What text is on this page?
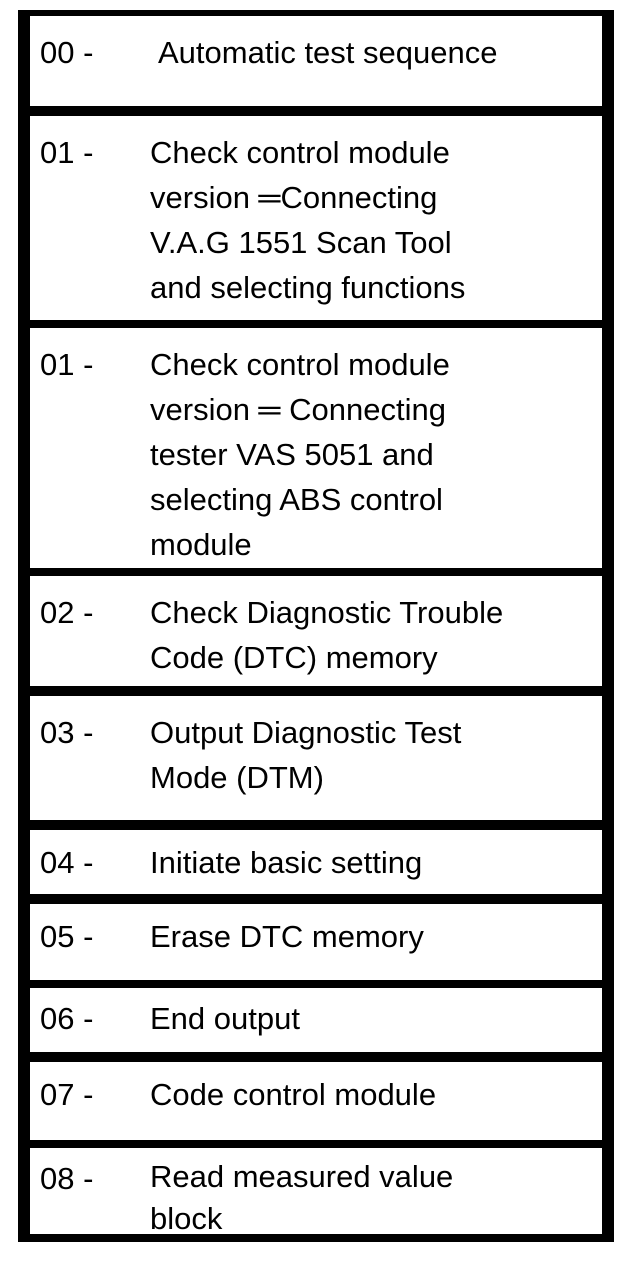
00 - Automatic test sequence
01 - Check control module
version ═Connecting
V.A.G 1551 Scan Tool
and selecting functions
01 - Check control module
version ═ Connecting
tester VAS 5051 and
selecting ABS control
module
02 - Check Diagnostic Trouble
Code (DTC) memory
03 - Output Diagnostic Test
Mode (DTM)
04 - Initiate basic setting
05 - Erase DTC memory
06 - End output
07 - Code control module
08 - Read measured value
block
